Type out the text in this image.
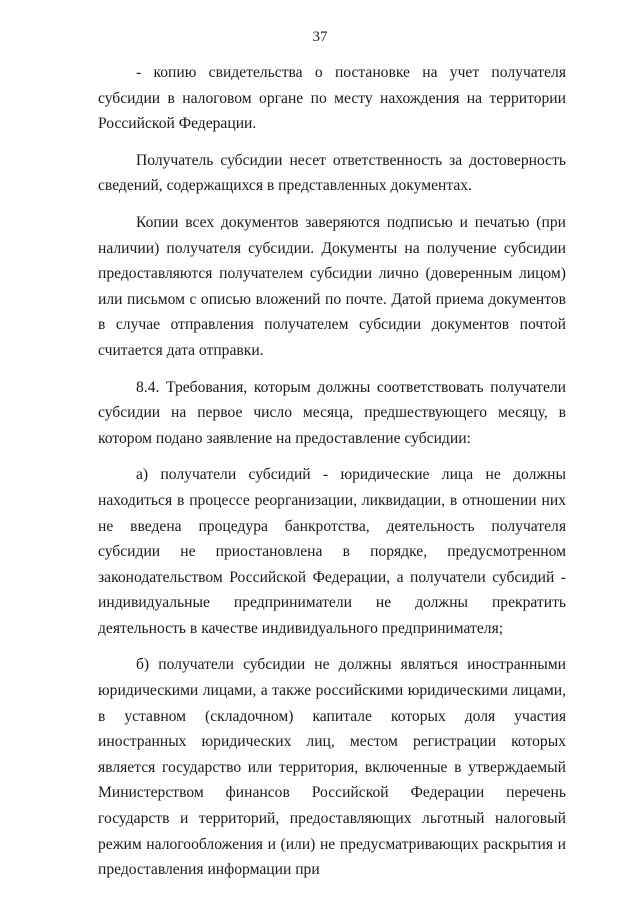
37

- копию свидетельства о постановке на учет получателя субсидии в налоговом органе по месту нахождения на территории Российской Федерации.

Получатель субсидии несет ответственность за достоверность сведений, содержащихся в представленных документах.

Копии всех документов заверяются подписью и печатью (при наличии) получателя субсидии. Документы на получение субсидии предоставляются получателем субсидии лично (доверенным лицом) или письмом с описью вложений по почте. Датой приема документов в случае отправления получателем субсидии документов почтой считается дата отправки.

8.4. Требования, которым должны соответствовать получатели субсидии на первое число месяца, предшествующего месяцу, в котором подано заявление на предоставление субсидии:

а) получатели субсидий - юридические лица не должны находиться в процессе реорганизации, ликвидации, в отношении них не введена процедура банкротства, деятельность получателя субсидии не приостановлена в порядке, предусмотренном законодательством Российской Федерации, а получатели субсидий - индивидуальные предприниматели не должны прекратить деятельность в качестве индивидуального предпринимателя;

б) получатели субсидии не должны являться иностранными юридическими лицами, а также российскими юридическими лицами, в уставном (складочном) капитале которых доля участия иностранных юридических лиц, местом регистрации которых является государство или территория, включенные в утверждаемый Министерством финансов Российской Федерации перечень государств и территорий, предоставляющих льготный налоговый режим налогообложения и (или) не предусматривающих раскрытия и предоставления информации при
